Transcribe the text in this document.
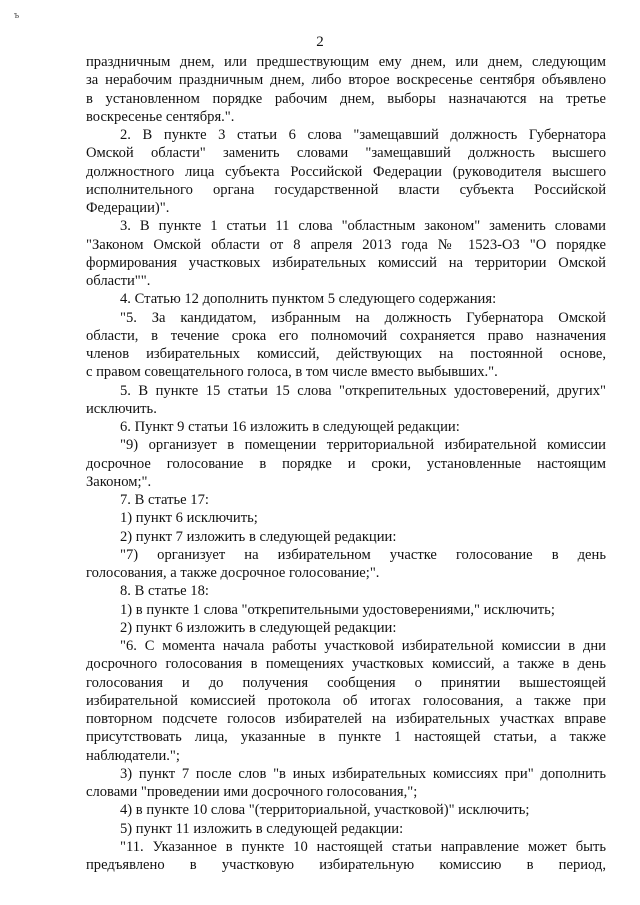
ъ
2
праздничным днем, или предшествующим ему днем, или днем, следующим
за нерабочим праздничным днем, либо второе воскресенье сентября объявлено
в установленном порядке рабочим днем, выборы назначаются на третье
воскресенье сентября.".
2. В пункте 3 статьи 6 слова "замещавший должность Губернатора
Омской области" заменить словами "замещавший должность высшего
должностного лица субъекта Российской Федерации (руководителя высшего
исполнительного органа государственной власти субъекта Российской
Федерации)".
3. В пункте 1 статьи 11 слова "областным законом" заменить словами
"Законом Омской области от 8 апреля 2013 года № 1523-ОЗ "О порядке
формирования участковых избирательных комиссий на территории Омской
области"".
4. Статью 12 дополнить пунктом 5 следующего содержания:
"5. За кандидатом, избранным на должность Губернатора Омской
области, в течение срока его полномочий сохраняется право назначения
членов избирательных комиссий, действующих на постоянной основе,
с правом совещательного голоса, в том числе вместо выбывших.".
5. В пункте 15 статьи 15 слова "открепительных удостоверений, других"
исключить.
6. Пункт 9 статьи 16 изложить в следующей редакции:
"9) организует в помещении территориальной избирательной комиссии
досрочное голосование в порядке и сроки, установленные настоящим
Законом;".
7. В статье 17:
1) пункт 6 исключить;
2) пункт 7 изложить в следующей редакции:
"7) организует на избирательном участке голосование в день
голосования, а также досрочное голосование;".
8. В статье 18:
1) в пункте 1 слова "открепительными удостоверениями," исключить;
2) пункт 6 изложить в следующей редакции:
"6. С момента начала работы участковой избирательной комиссии в дни
досрочного голосования в помещениях участковых комиссий, а также в день
голосования и до получения сообщения о принятии вышестоящей
избирательной комиссией протокола об итогах голосования, а также при
повторном подсчете голосов избирателей на избирательных участках вправе
присутствовать лица, указанные в пункте 1 настоящей статьи, а также
наблюдатели.";
3) пункт 7 после слов "в иных избирательных комиссиях при" дополнить
словами "проведении ими досрочного голосования,";
4) в пункте 10 слова "(территориальной, участковой)" исключить;
5) пункт 11 изложить в следующей редакции:
"11. Указанное в пункте 10 настоящей статьи направление может быть
предъявлено в участковую избирательную комиссию в период,
